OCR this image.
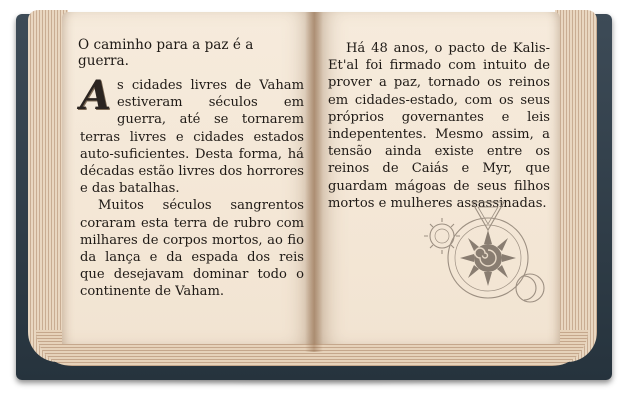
O caminho para a paz é a guerra.

As cidades livres de Vaham estiveram séculos em guerra, até se tornarem terras livres e cidades estados auto-suficientes. Desta forma, há décadas estão livres dos horrores e das batalhas.

Muitos séculos sangrentos coraram esta terra de rubro com milhares de corpos mortos, ao fio da lança e da espada dos reis que desejavam dominar todo o continente de Vaham.

Há 48 anos, o pacto de Kalis-Et'al foi firmado com intuito de prover a paz, tornado os reinos em cidades-estado, com os seus próprios governantes e leis indepententes. Mesmo assim, a tensão ainda existe entre os reinos de Caiás e Myr, que guardam mágoas de seus filhos mortos e mulheres assassinadas.
